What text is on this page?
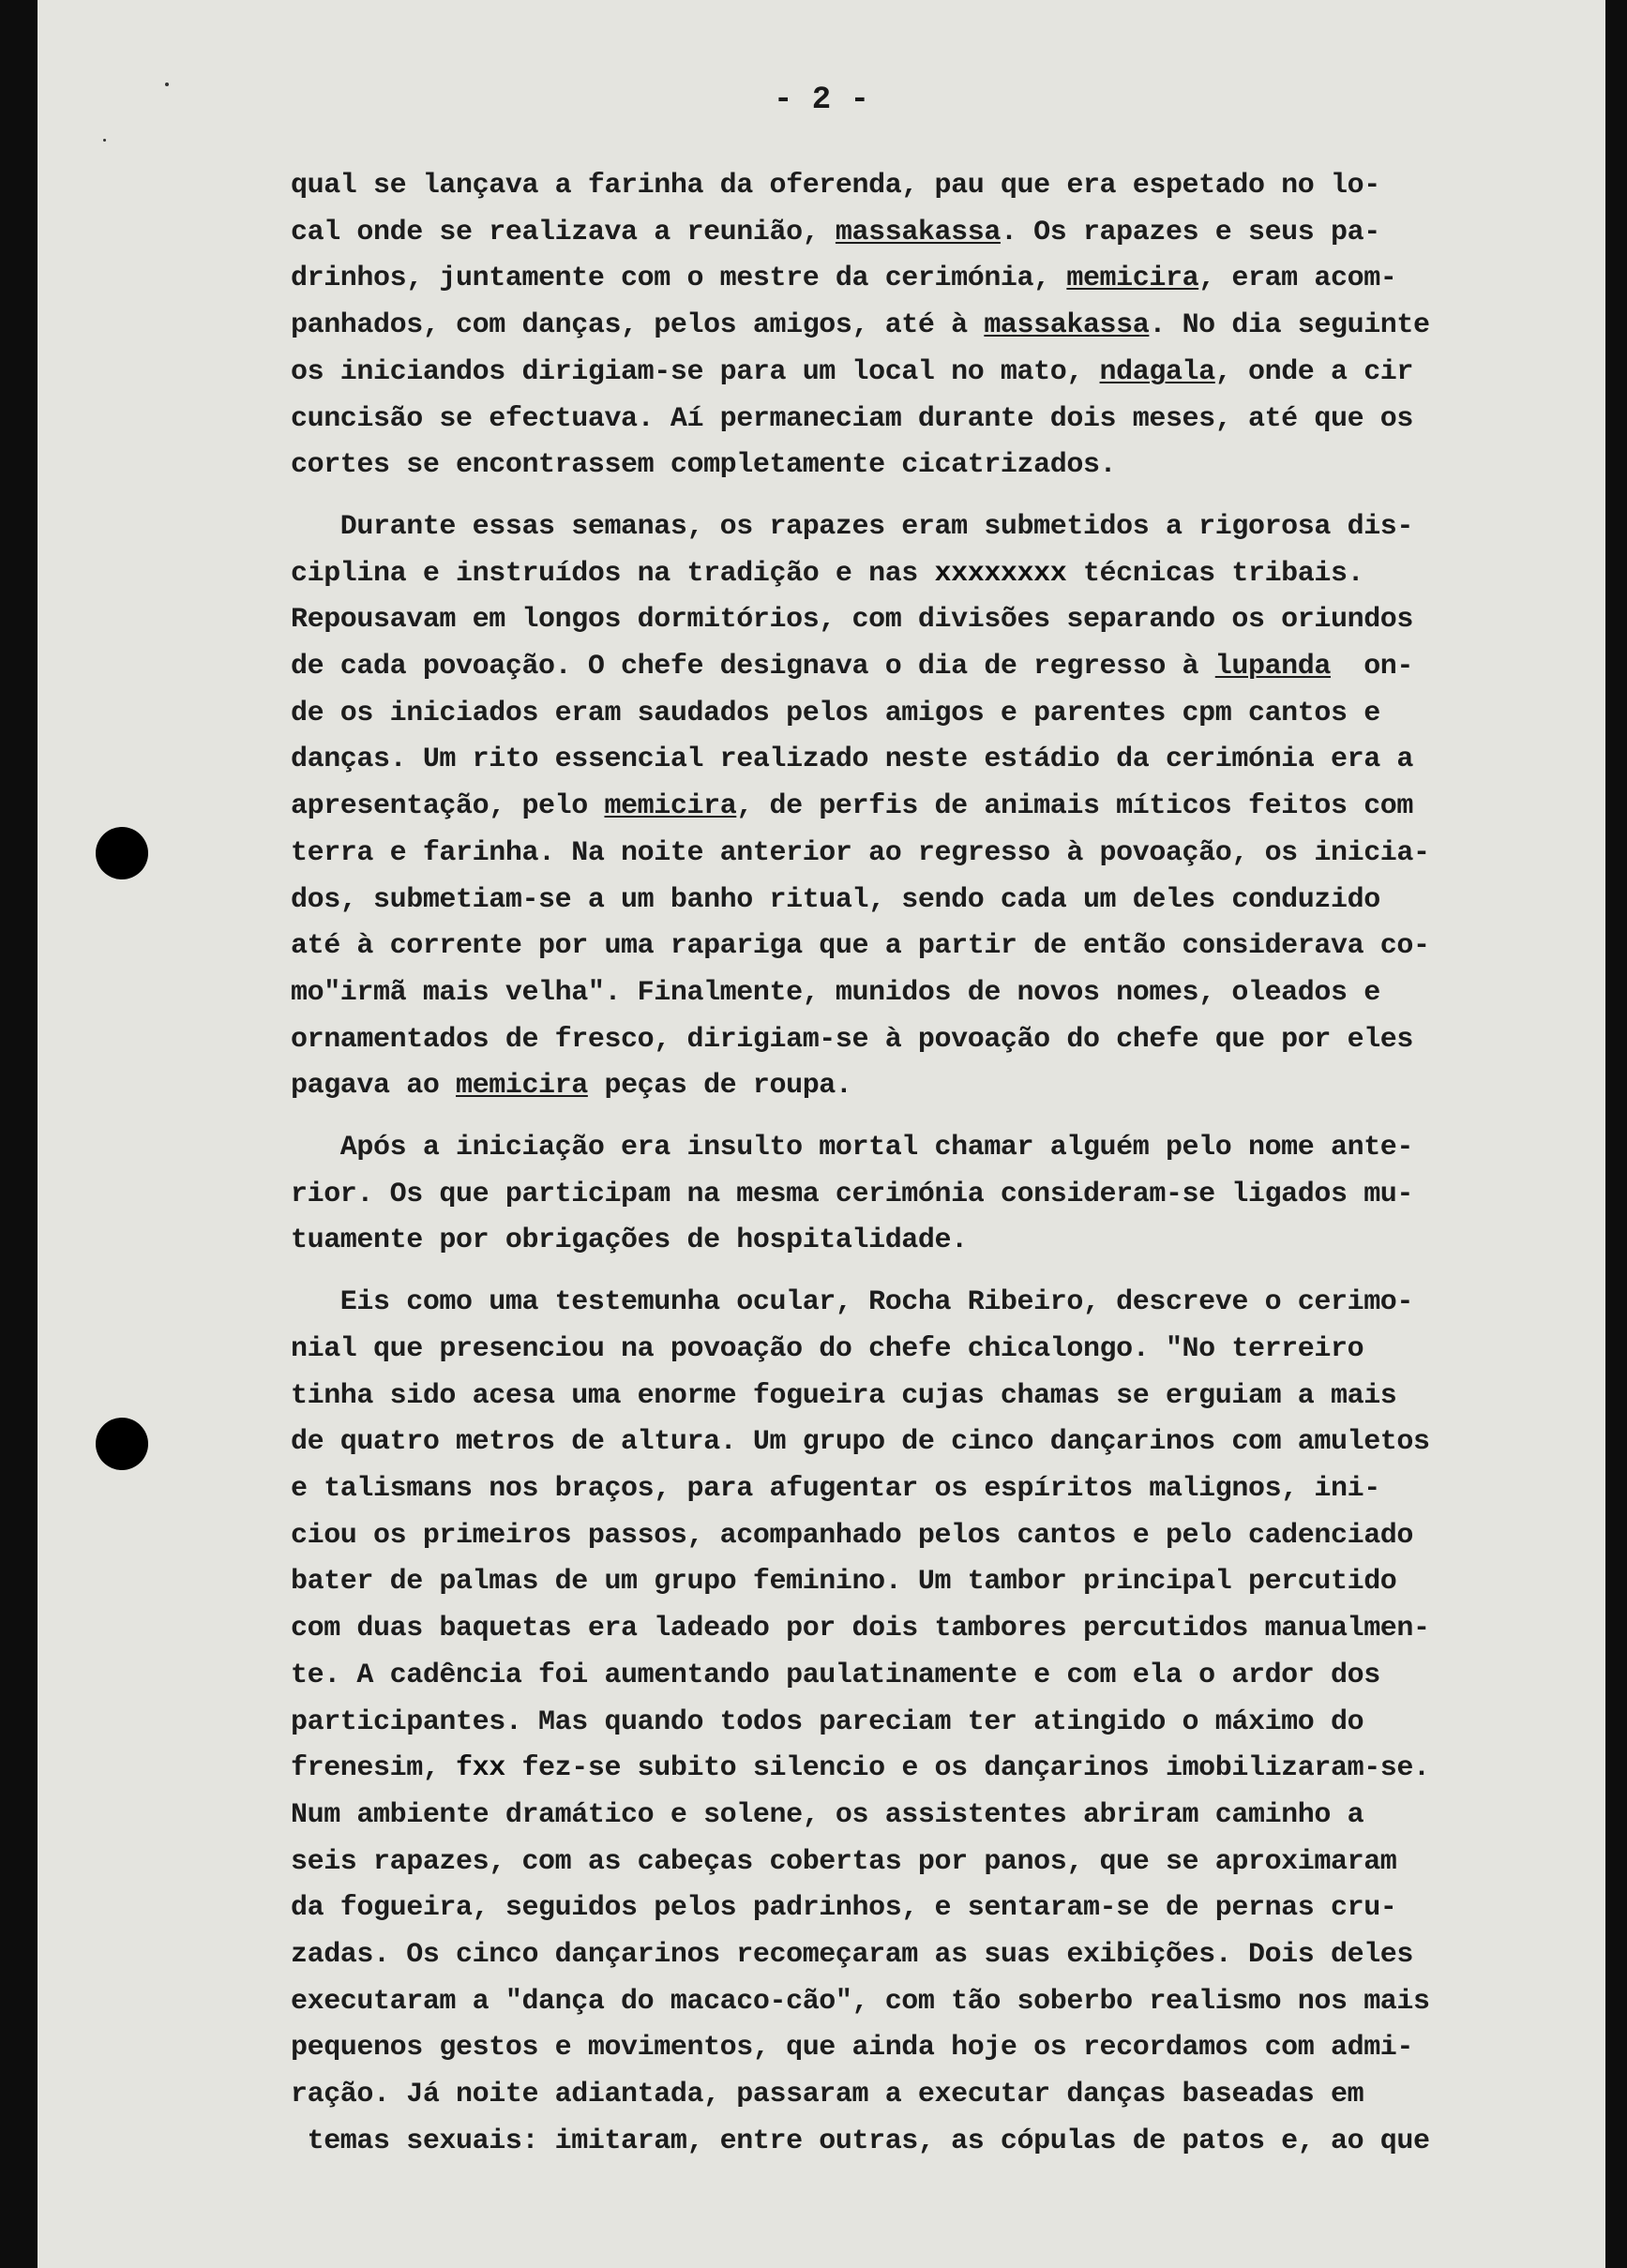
- 2 -
qual se lançava a farinha da oferenda, pau que era espetado no lo-
cal onde se realizava a reunião, massakassa. Os rapazes e seus pa-
drinhos, juntamente com o mestre da cerimónia, memicira, eram acom-
panhados, com danças, pelos amigos, até à massakassa. No dia seguinte
os iniciandos dirigiam-se para um local no mato, ndagala, onde a cir
cuncisão se efectuava. Aí permaneciam durante dois meses, até que os
cortes se encontrassem completamente cicatrizados.
Durante essas semanas, os rapazes eram submetidos a rigorosa dis-
ciplina e instruídos na tradição e nas xxxxxxxx técnicas tribais.
Repousavam em longos dormitórios, com divisões separando os oriundos
de cada povoação. O chefe designava o dia de regresso à lupanda  on-
de os iniciados eram saudados pelos amigos e parentes cpm cantos e
danças. Um rito essencial realizado neste estádio da cerimónia era a
apresentação, pelo memicira, de perfis de animais míticos feitos com
terra e farinha. Na noite anterior ao regresso à povoação, os inicia-
dos, submetiam-se a um banho ritual, sendo cada um deles conduzido
até à corrente por uma rapariga que a partir de então considerava co-
mo"irmã mais velha". Finalmente, munidos de novos nomes, oleados e
ornamentados de fresco, dirigiam-se à povoação do chefe que por eles
pagava ao memicira peças de roupa.
Após a iniciação era insulto mortal chamar alguém pelo nome ante-
rior. Os que participam na mesma cerimónia consideram-se ligados mu-
tuamente por obrigações de hospitalidade.
Eis como uma testemunha ocular, Rocha Ribeiro, descreve o cerimo-
nial que presenciou na povoação do chefe chicalongo. "No terreiro
tinha sido acesa uma enorme fogueira cujas chamas se erguiam a mais
de quatro metros de altura. Um grupo de cinco dançarinos com amuletos
e talismans nos braços, para afugentar os espíritos malignos, ini-
ciou os primeiros passos, acompanhado pelos cantos e pelo cadenciado
bater de palmas de um grupo feminino. Um tambor principal percutido
com duas baquetas era ladeado por dois tambores percutidos manualmen-
te. A cadência foi aumentando paulatinamente e com ela o ardor dos
participantes. Mas quando todos pareciam ter atingido o máximo do
frenesim, fxx fez-se subito silencio e os dançarinos imobilizaram-se.
Num ambiente dramático e solene, os assistentes abriram caminho a
seis rapazes, com as cabeças cobertas por panos, que se aproximaram
da fogueira, seguidos pelos padrinhos, e sentaram-se de pernas cru-
zadas. Os cinco dançarinos recomeçaram as suas exibições. Dois deles
executaram a "dança do macaco-cão", com tão soberbo realismo nos mais
pequenos gestos e movimentos, que ainda hoje os recordamos com admi-
ração. Já noite adiantada, passaram a executar danças baseadas em
temas sexuais: imitaram, entre outras, as cópulas de patos e, ao que
